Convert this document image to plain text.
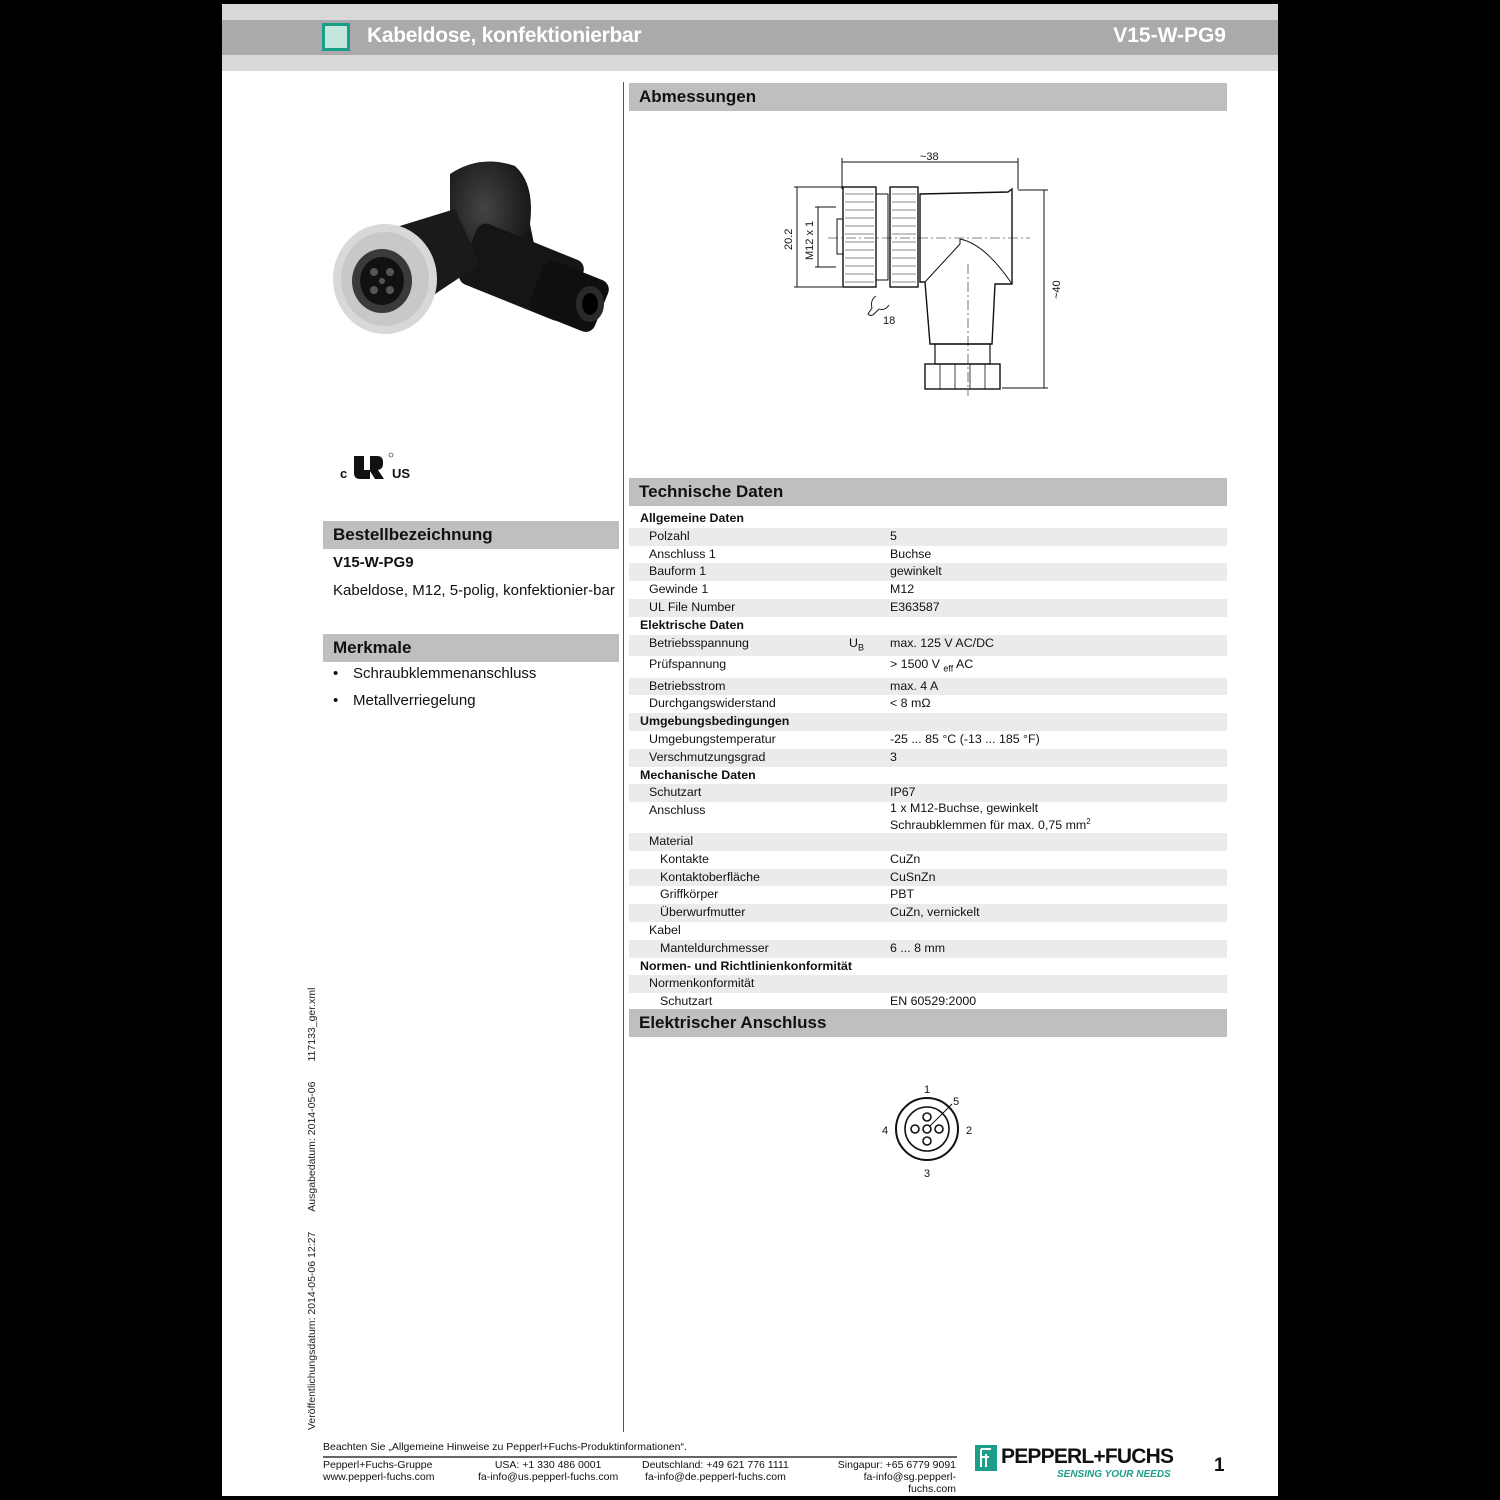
Kabeldose, konfektionierbar	V15-W-PG9
c	US
Bestellbezeichnung
V15-W-PG9
Kabeldose, M12, 5-polig, konfektionier-bar
Merkmale
• Schraubklemmenanschluss
• Metallverriegelung
Abmessungen
~38
20.2 M12 x 1
~40
18
Technische Daten
Allgemeine Daten		
Polzahl		5
Anschluss 1		Buchse
Bauform 1		gewinkelt
Gewinde 1		M12
UL File Number		E363587
Elektrische Daten		
Betriebsspannung	$U_B$	max. 125 V AC/DC
Prüfspannung		> 1500 V $_{eff}$ AC
Betriebsstrom		max. 4 A
Durchgangswiderstand		< 8 mΩ
Umgebungsbedingungen		
Umgebungstemperatur		-25 ... 85 °C (-13 ... 185 °F)
Verschmutzungsgrad		3
Mechanische Daten		
Schutzart		IP67
Anschluss		1 x M12-Buchse, gewinkelt
Schraubklemmen für max. 0,75 $mm^2$

Material		
Kontakte		CuZn
Kontaktoberfläche		CuSnZn
Griffkörper		PBT
Überwurfmutter		CuZn, vernickelt
Kabel		
Manteldurchmesser		6 ... 8 mm
Normen- und Richtlinienkonformität		
Normenkonformität		
Schutzart		EN 60529:2000
Elektrischer Anschluss
1
2
3
4
5
Veröffentlichungsdatum: 2014-05-06 12:27Ausgabedatum: 2014-05-06117133_ger.xml
Beachten Sie „Allgemeine Hinweise zu Pepperl+Fuchs-Produktinformationen“.
Pepperl+Fuchs-Gruppe
www.pepperl-fuchs.com
USA: +1 330 486 0001
fa-info@us.pepperl-fuchs.com
Deutschland: +49 621 776 1111
fa-info@de.pepperl-fuchs.com
Singapur: +65 6779 9091
fa-info@sg.pepperl-fuchs.com
PEPPERL+FUCHS
SENSING YOUR NEEDS 1
